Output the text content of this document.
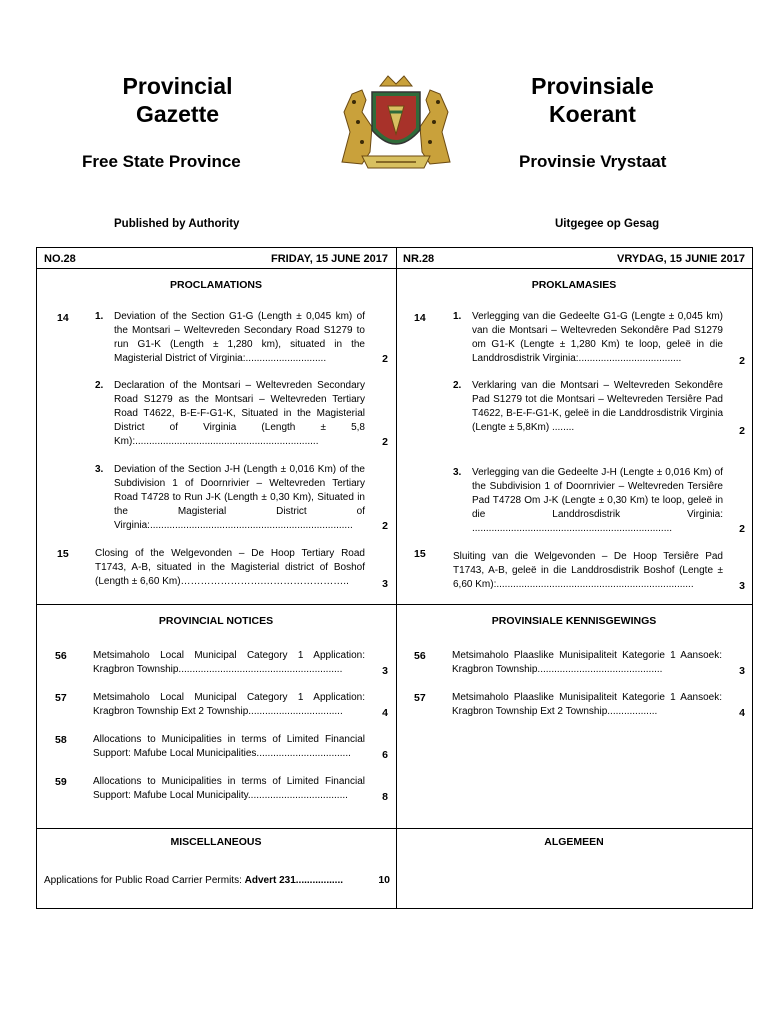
Provincial
Gazette
Provinsiale
Koerant
Free State Province	Provinsie Vrystaat
Published by Authority	Uitgegee op Gesag
NO.28	FRIDAY, 15 JUNE 2017 NR.28	VRYDAG, 15 JUNIE 2017
PROCLAMATIONS	PROKLAMASIES
14	1. Deviation of the Section G1-G (Length ± 0,045 km) of the Montsari – Weltevreden Secondary Road S1279 to run G1-K (Length ± 1,280 km), situated in the Magisterial District of Virginia:.............................	2
2. Declaration of the Montsari – Weltevreden Secondary Road S1279 as the Montsari – Weltevreden Tertiary Road T4622, B-E-F-G1-K, Situated in the Magisterial District of Virginia (Length ± 5,8 Km):..................................................................	2
3. Deviation of the Section J-H (Length ± 0,016 Km) of the Subdivision 1 of Doornrivier – Weltevreden Tertiary Road T4728 to Run J-K (Length ± 0,30 Km), Situated in the Magisterial District of Virginia:.........................................................................	2
15	Closing of the Welgevonden – De Hoop Tertiary Road T1743, A-B, situated in the Magisterial district of Boshof (Length ± 6,60 Km)…………………….……………………..	3
14	1. Verlegging van die Gedeelte G1-G (Lengte ± 0,045 km) van die Montsari – Weltevreden Sekondêre Pad S1279 om G1-K (Lengte ± 1,280 Km) te loop, geleë in die Landdrosdistrik Virginia:.....................................	2
2. Verklaring van die Montsari – Weltevreden Sekondêre Pad S1279 tot die Montsari – Weltevreden Tersiêre Pad T4622, B-E-F-G1-K, geleë in die Landdrosdistrik Virginia (Lengte ± 5,8Km) ........	2
3. Verlegging van die Gedeelte J-H (Lengte ± 0,016 Km) of the Subdivision 1 of Doornrivier – Weltevreden Tersiêre Pad T4728 Om J-K (Lengte ± 0,30 Km) te loop, geleë in die Landdrosdistrik Virginia: ........................................................................	2
15	Sluiting van die Welgevonden – De Hoop Tersiêre Pad T1743, A-B, geleë in die Landdrosdistrik Boshof (Lengte ± 6,60 Km):.......................................................................	3
PROVINCIAL NOTICES	PROVINSIALE KENNISGEWINGS
56	Metsimaholo Local Municipal Category 1 Application: Kragbron Township...........................................................	3
57	Metsimaholo Local Municipal Category 1 Application: Kragbron Township Ext 2 Township..................................	4
58	Allocations to Municipalities in terms of Limited Financial Support: Mafube Local Municipalities..................................	6
59	Allocations to Municipalities in terms of Limited Financial Support: Mafube Local Municipality....................................	8
56	Metsimaholo Plaaslike Munisipaliteit Kategorie 1 Aansoek: Kragbron Township.............................................	3
57	Metsimaholo Plaaslike Munisipaliteit Kategorie 1 Aansoek: Kragbron Township Ext 2 Township..................	4
MISCELLANEOUS	ALGEMEEN
Applications for Public Road Carrier Permits: Advert 231.................	10
